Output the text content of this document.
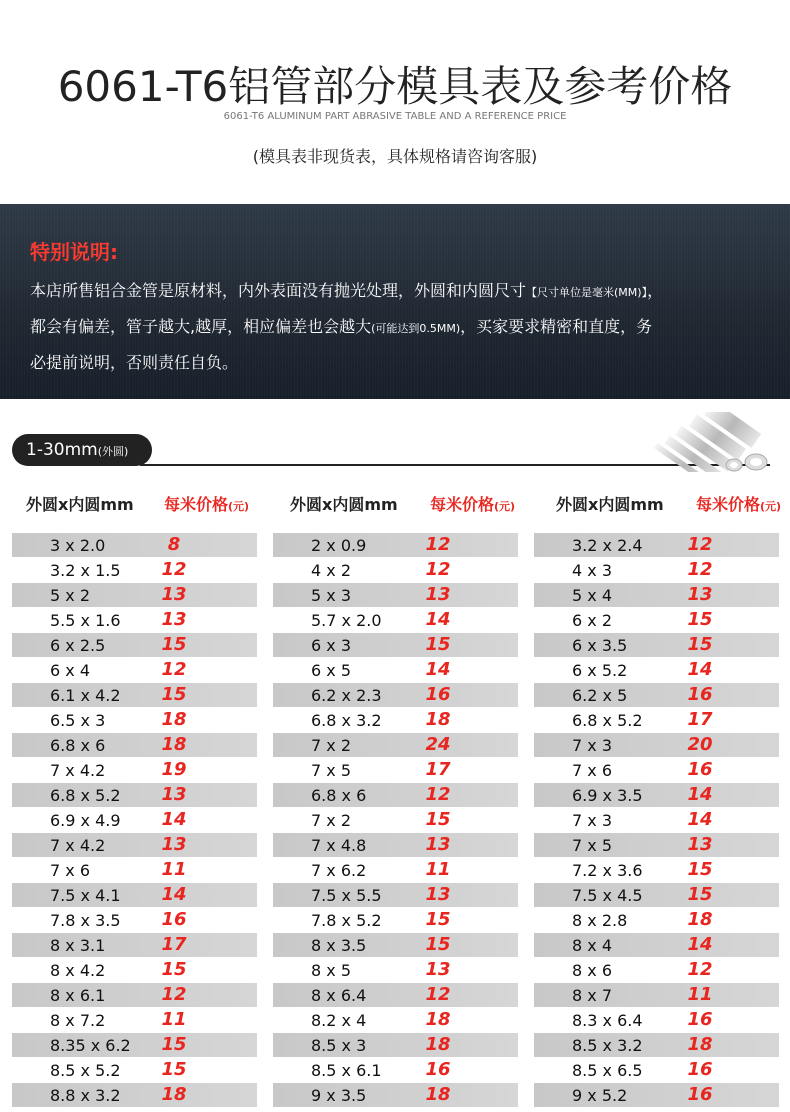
6061-T6铝管部分模具表及参考价格
6061-T6 ALUMINUM PART ABRASIVE TABLE AND A REFERENCE PRICE
(模具表非现货表，具体规格请咨询客服)
特别说明:
本店所售铝合金管是原材料，内外表面没有抛光处理，外圆和内圆尺寸【尺寸单位是毫米(MM)】，
都会有偏差，管子越大,越厚，相应偏差也会越大(可能达到0.5MM)，买家要求精密和直度，务
必提前说明，否则责任自负。
1-30mm(外圆)
外圆x内圆mm 每米价格(元)
3 x 2.0	8
3.2 x 1.5	12
5 x 2	13
5.5 x 1.6	13
6 x 2.5	15
6 x 4	12
6.1 x 4.2	15
6.5 x 3	18
6.8 x 6	18
7 x 4.2	19
6.8 x 5.2	13
6.9 x 4.9	14
7 x 4.2	13
7 x 6	11
7.5 x 4.1	14
7.8 x 3.5	16
8 x 3.1	17
8 x 4.2	15
8 x 6.1	12
8 x 7.2	11
8.35 x 6.2	15
8.5 x 5.2	15
8.8 x 3.2	18
外圆x内圆mm 每米价格(元)
2 x 0.9	12
4 x 2	12
5 x 3	13
5.7 x 2.0	14
6 x 3	15
6 x 5	14
6.2 x 2.3	16
6.8 x 3.2	18
7 x 2	24
7 x 5	17
6.8 x 6	12
7 x 2	15
7 x 4.8	13
7 x 6.2	11
7.5 x 5.5	13
7.8 x 5.2	15
8 x 3.5	15
8 x 5	13
8 x 6.4	12
8.2 x 4	18
8.5 x 3	18
8.5 x 6.1	16
9 x 3.5	18
外圆x内圆mm 每米价格(元)
3.2 x 2.4	12
4 x 3	12
5 x 4	13
6 x 2	15
6 x 3.5	15
6 x 5.2	14
6.2 x 5	16
6.8 x 5.2	17
7 x 3	20
7 x 6	16
6.9 x 3.5	14
7 x 3	14
7 x 5	13
7.2 x 3.6	15
7.5 x 4.5	15
8 x 2.8	18
8 x 4	14
8 x 6	12
8 x 7	11
8.3 x 6.4	16
8.5 x 3.2	18
8.5 x 6.5	16
9 x 5.2	16
